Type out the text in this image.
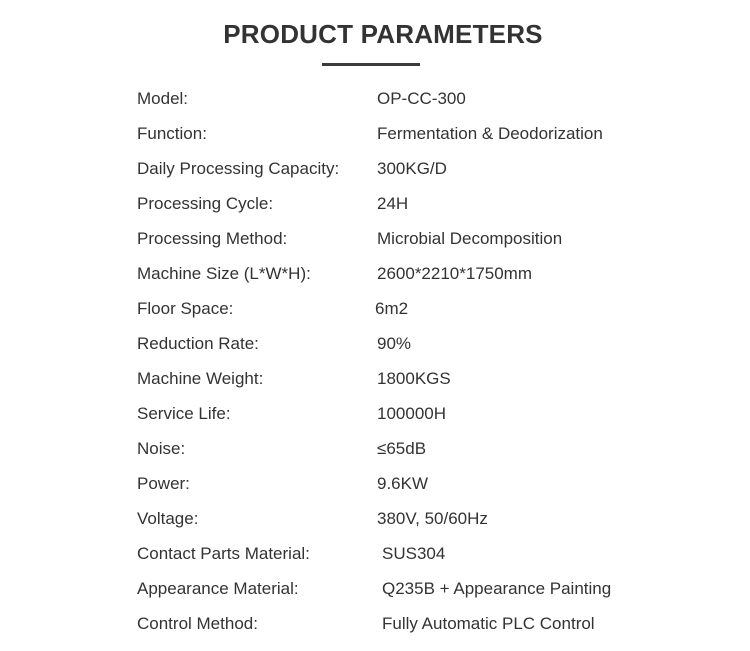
PRODUCT PARAMETERS
Model:	OP-CC-300
Function:	Fermentation & Deodorization
Daily Processing Capacity:	300KG/D
Processing Cycle:	24H
Processing Method:	Microbial Decomposition
Machine Size (L*W*H):	2600*2210*1750mm
Floor Space:	6m2
Reduction Rate:	90%
Machine Weight:	1800KGS
Service Life:	100000H
Noise:	≤65dB
Power:	9.6KW
Voltage:	380V, 50/60Hz
Contact Parts Material:	SUS304
Appearance Material:	Q235B + Appearance Painting
Control Method:	Fully Automatic PLC Control
